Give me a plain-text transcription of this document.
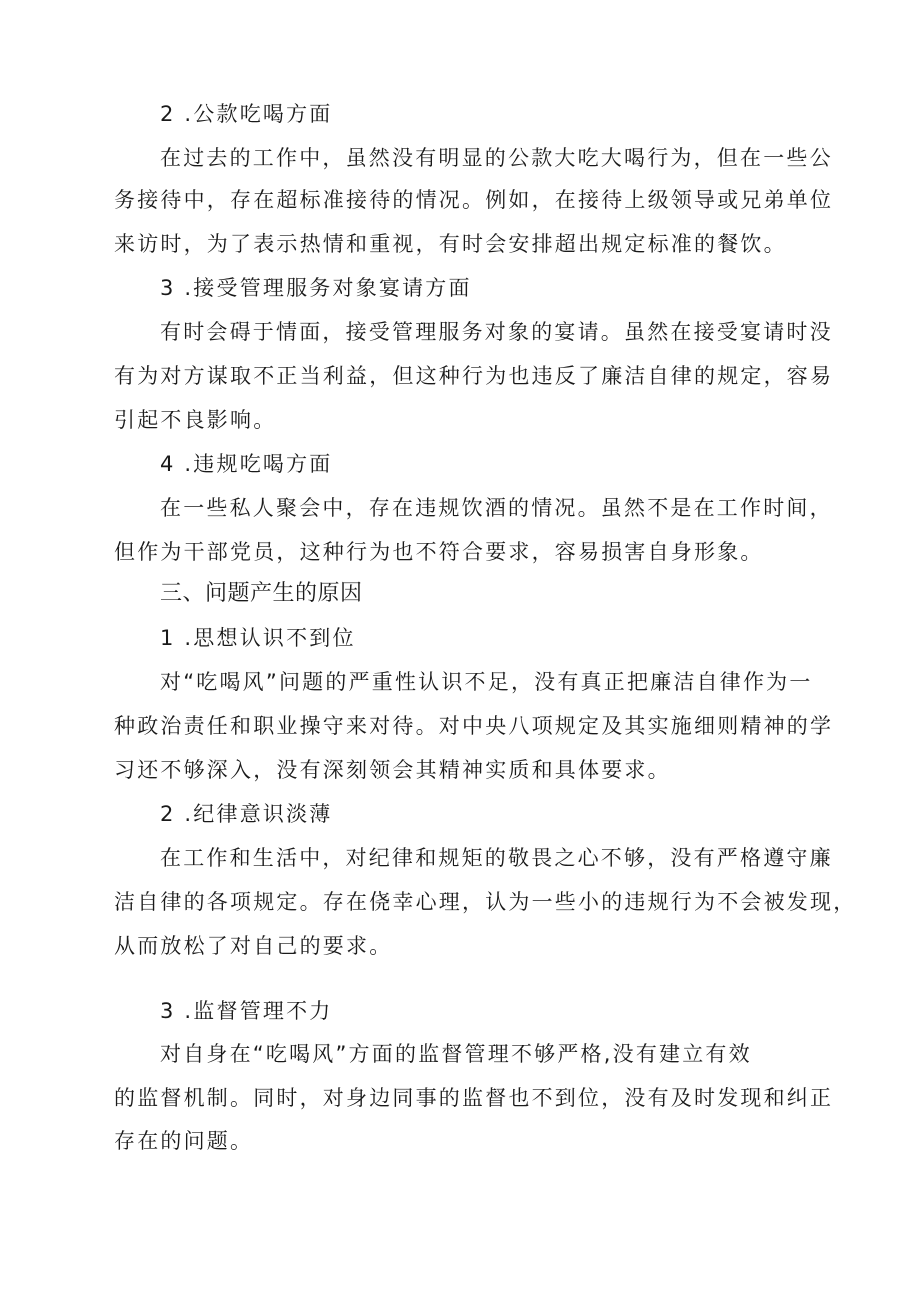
2 .公款吃喝方面
在过去的工作中，虽然没有明显的公款大吃大喝行为，但在一些公
务接待中，存在超标准接待的情况。例如，在接待上级领导或兄弟单位
来访时，为了表示热情和重视，有时会安排超出规定标准的餐饮。
3 .接受管理服务对象宴请方面
有时会碍于情面，接受管理服务对象的宴请。虽然在接受宴请时没
有为对方谋取不正当利益，但这种行为也违反了廉洁自律的规定，容易
引起不良影响。
4 .违规吃喝方面
在一些私人聚会中，存在违规饮酒的情况。虽然不是在工作时间，
但作为干部党员，这种行为也不符合要求，容易损害自身形象。
三、问题产生的原因
1 .思想认识不到位
对“吃喝风”问题的严重性认识不足，没有真正把廉洁自律作为一
种政治责任和职业操守来对待。对中央八项规定及其实施细则精神的学
习还不够深入，没有深刻领会其精神实质和具体要求。
2 .纪律意识淡薄
在工作和生活中，对纪律和规矩的敬畏之心不够，没有严格遵守廉
洁自律的各项规定。存在侥幸心理，认为一些小的违规行为不会被发现，
从而放松了对自己的要求。
3 .监督管理不力
对自身在“吃喝风”方面的监督管理不够严格,没有建立有效
的监督机制。同时，对身边同事的监督也不到位，没有及时发现和纠正
存在的问题。
